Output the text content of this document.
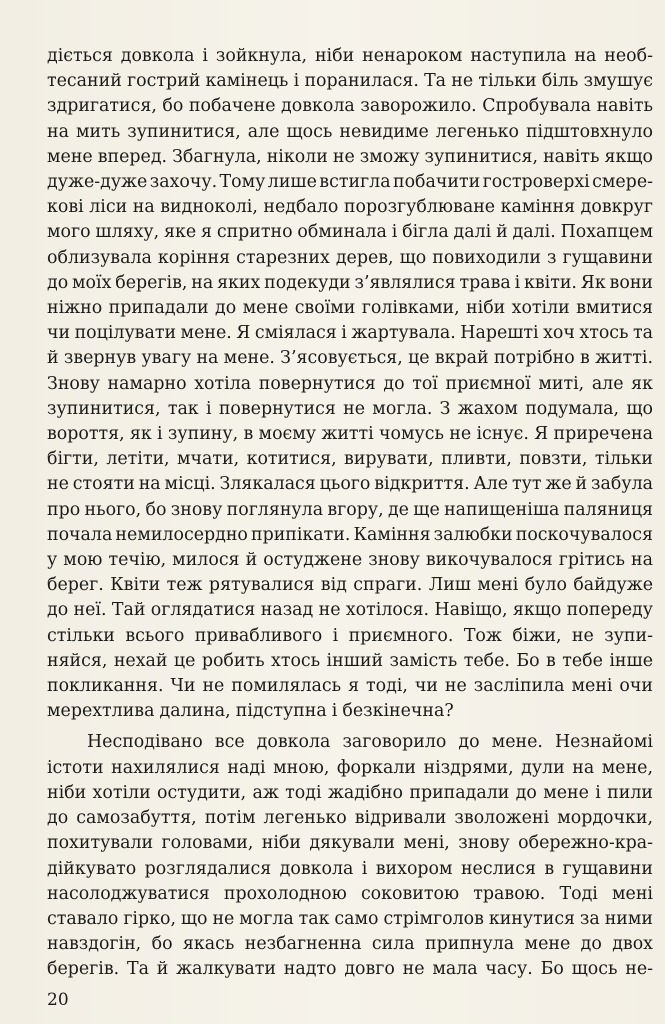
діється довкола і зойкнула, ніби ненароком наступила на необ-
тесаний гострий камінець і поранилася. Та не тільки біль змушує
здригатися, бо побачене довкола заворожило. Спробувала навіть
на мить зупинитися, але щось невидиме легенько підштовхнуло
мене вперед. Збагнула, ніколи не зможу зупинитися, навіть якщо
дуже-дуже захочу. Тому лише встигла побачити гостроверхі смере-
кові ліси на видноколі, недбало порозгублюване каміння довкруг
мого шляху, яке я спритно обминала і бігла далі й далі. Похапцем
облизувала коріння старезних дерев, що повиходили з гущавини
до моїх берегів, на яких подекуди з’являлися трава і квіти. Як вони
ніжно припадали до мене своїми голівками, ніби хотіли вмитися
чи поцілувати мене. Я сміялася і жартувала. Нарешті хоч хтось та
й звернув увагу на мене. З’ясовується, це вкрай потрібно в житті.
Знову намарно хотіла повернутися до тої приємної миті, але як
зупинитися, так і повернутися не могла. З жахом подумала, що
вороття, як і зупину, в моєму житті чомусь не існує. Я приречена
бігти, летіти, мчати, котитися, вирувати, пливти, повзти, тільки
не стояти на місці. Злякалася цього відкриття. Але тут же й забула
про нього, бо знову поглянула вгору, де ще напищеніша паляниця
почала немилосердно припікати. Каміння залюбки поскочувалося
у мою течію, милося й остуджене знову викочувалося грітись на
берег. Квіти теж рятувалися від спраги. Лиш мені було байдуже
до неї. Тай оглядатися назад не хотілося. Навіщо, якщо попереду
стільки всього привабливого і приємного. Тож біжи, не зупи-
няйся, нехай це робить хтось інший замість тебе. Бо в тебе інше
покликання. Чи не помилялась я тоді, чи не засліпила мені очи
мерехтлива далина, підступна і безкінечна?

Несподівано все довкола заговорило до мене. Незнайомі
істоти нахилялися наді мною, форкали ніздрями, дули на мене,
ніби хотіли остудити, аж тоді жадібно припадали до мене і пили
до самозабуття, потім легенько відривали зволожені мордочки,
похитували головами, ніби дякували мені, знову обережно-кра-
дійкувато розглядалися довкола і вихором неслися в гущавини
насолоджуватися прохолодною соковитою травою. Тоді мені
ставало гірко, що не могла так само стрімголов кинутися за ними
навздогін, бо якась незбагненна сила припнула мене до двох
берегів. Та й жалкувати надто довго не мала часу. Бо щось не-

20
